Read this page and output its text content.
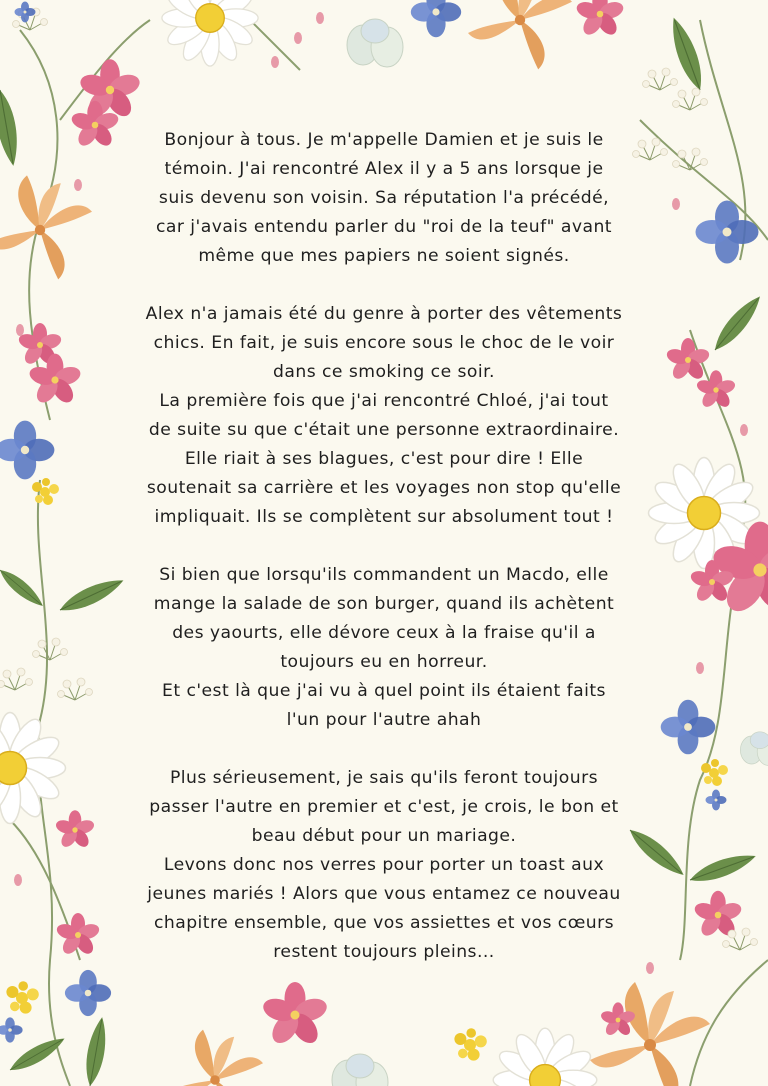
Bonjour à tous. Je m'appelle Damien et je suis le
témoin. J'ai rencontré Alex il y a 5 ans lorsque je
suis devenu son voisin. Sa réputation l'a précédé,
car j'avais entendu parler du "roi de la teuf" avant
même que mes papiers ne soient signés.
Alex n'a jamais été du genre à porter des vêtements
chics. En fait, je suis encore sous le choc de le voir
dans ce smoking ce soir.
La première fois que j'ai rencontré Chloé, j'ai tout
de suite su que c'était une personne extraordinaire.
Elle riait à ses blagues, c'est pour dire ! Elle
soutenait sa carrière et les voyages non stop qu'elle
impliquait. Ils se complètent sur absolument tout !
Si bien que lorsqu'ils commandent un Macdo, elle
mange la salade de son burger, quand ils achètent
des yaourts, elle dévore ceux à la fraise qu'il a
toujours eu en horreur.
Et c'est là que j'ai vu à quel point ils étaient faits
l'un pour l'autre ahah
Plus sérieusement, je sais qu'ils feront toujours
passer l'autre en premier et c'est, je crois, le bon et
beau début pour un mariage.
Levons donc nos verres pour porter un toast aux
jeunes mariés ! Alors que vous entamez ce nouveau
chapitre ensemble, que vos assiettes et vos cœurs
restent toujours pleins...
